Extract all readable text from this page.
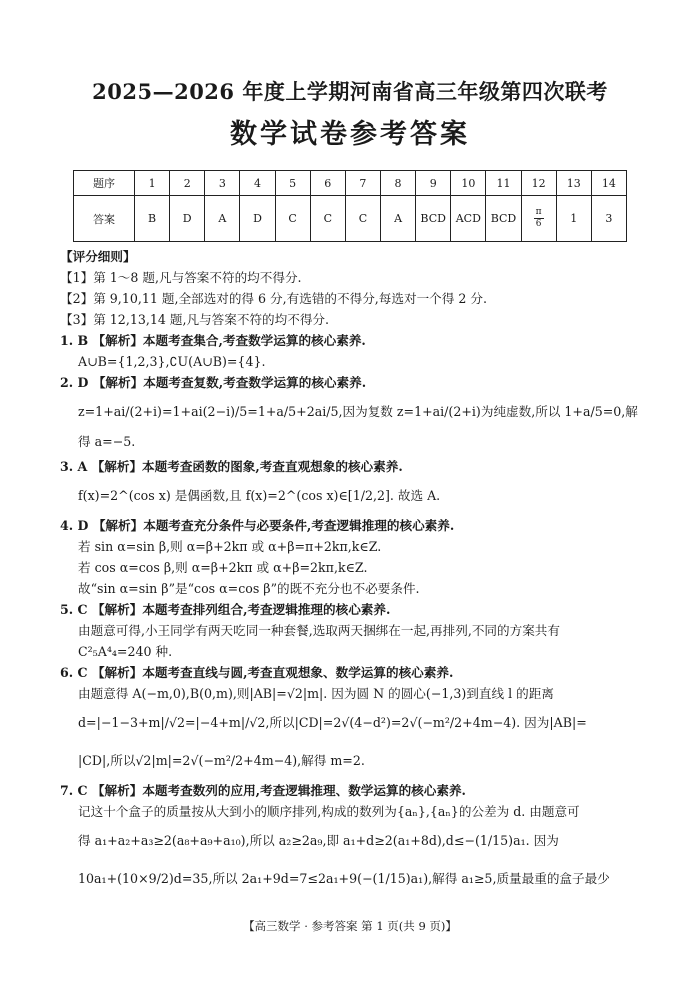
2025—2026 年度上学期河南省高三年级第四次联考
数学试卷参考答案
题序	1	2	3	4	5	6	7	8	9	10	11	12	13	14
答案	B	D	A	D	C	C	C	A	BCD	ACD	BCD	$\frac{\pi}{6}$	1	3

【评分细则】

【1】第 1～8 题,凡与答案不符的均不得分.

【2】第 9,10,11 题,全部选对的得 6 分,有选错的不得分,每选对一个得 2 分.

【3】第 12,13,14 题,凡与答案不符的均不得分.

1. B 【解析】本题考查集合,考查数学运算的核心素养.

A∪B={1,2,3},∁U(A∪B)={4}.

2. D 【解析】本题考查复数,考查数学运算的核心素养.

z=1+ai/(2+i)=1+ai(2−i)/5=1+a/5+2ai/5,因为复数 z=1+ai/(2+i)为纯虚数,所以 1+a/5=0,解

得 a=−5.

3. A 【解析】本题考查函数的图象,考查直观想象的核心素养.

f(x)=2^(cos x) 是偶函数,且 f(x)=2^(cos x)∈[1/2,2]. 故选 A.

4. D 【解析】本题考查充分条件与必要条件,考查逻辑推理的核心素养.

若 sin α=sin β,则 α=β+2kπ 或 α+β=π+2kπ,k∈Z.

若 cos α=cos β,则 α=β+2kπ 或 α+β=2kπ,k∈Z.

故“sin α=sin β”是“cos α=cos β”的既不充分也不必要条件.

5. C 【解析】本题考查排列组合,考查逻辑推理的核心素养.

由题意可得,小王同学有两天吃同一种套餐,选取两天捆绑在一起,再排列,不同的方案共有

C²₅A⁴₄=240 种.

6. C 【解析】本题考查直线与圆,考查直观想象、数学运算的核心素养.

由题意得 A(−m,0),B(0,m),则|AB|=√2|m|. 因为圆 N 的圆心(−1,3)到直线 l 的距离

d=|−1−3+m|/√2=|−4+m|/√2,所以|CD|=2√(4−d²)=2√(−m²/2+4m−4). 因为|AB|=

|CD|,所以√2|m|=2√(−m²/2+4m−4),解得 m=2.

7. C 【解析】本题考查数列的应用,考查逻辑推理、数学运算的核心素养.

记这十个盒子的质量按从大到小的顺序排列,构成的数列为{aₙ},{aₙ}的公差为 d. 由题意可

得 a₁+a₂+a₃≥2(a₈+a₉+a₁₀),所以 a₂≥2a₉,即 a₁+d≥2(a₁+8d),d≤−(1/15)a₁. 因为

10a₁+(10×9/2)d=35,所以 2a₁+9d=7≤2a₁+9(−(1/15)a₁),解得 a₁≥5,质量最重的盒子最少

【高三数学 · 参考答案 第 1 页(共 9 页)】
